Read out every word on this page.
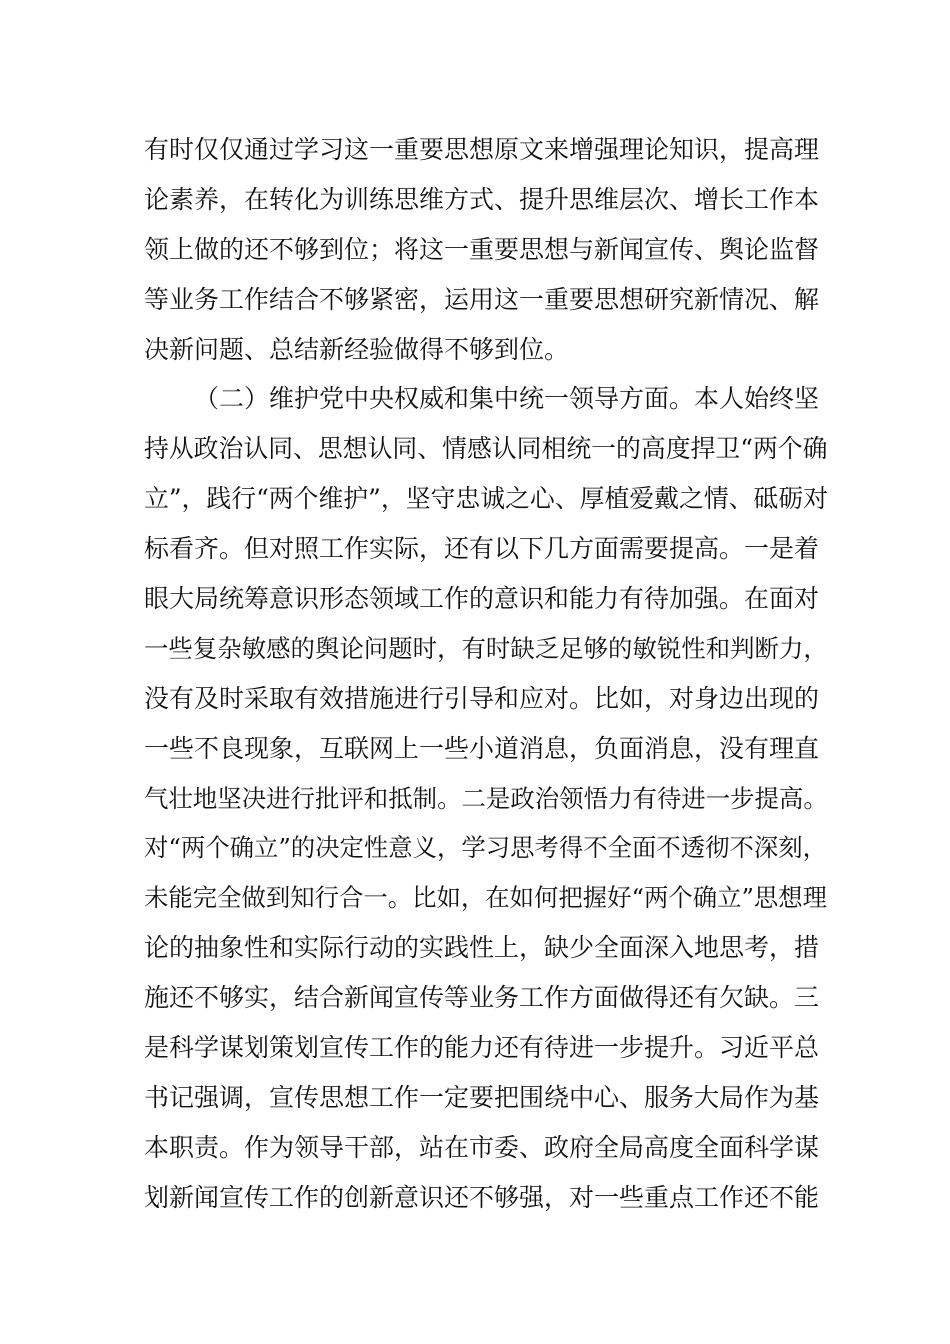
有时仅仅通过学习这一重要思想原文来增强理论知识，提高理
论素养，在转化为训练思维方式、提升思维层次、增长工作本
领上做的还不够到位；将这一重要思想与新闻宣传、舆论监督
等业务工作结合不够紧密，运用这一重要思想研究新情况、解
决新问题、总结新经验做得不够到位。
（二）维护党中央权威和集中统一领导方面。本人始终坚
持从政治认同、思想认同、情感认同相统一的高度捍卫“两个确
立”，践行“两个维护”，坚守忠诚之心、厚植爱戴之情、砥砺对
标看齐。但对照工作实际，还有以下几方面需要提高。一是着
眼大局统筹意识形态领域工作的意识和能力有待加强。在面对
一些复杂敏感的舆论问题时，有时缺乏足够的敏锐性和判断力，
没有及时采取有效措施进行引导和应对。比如，对身边出现的
一些不良现象，互联网上一些小道消息，负面消息，没有理直
气壮地坚决进行批评和抵制。二是政治领悟力有待进一步提高。
对“两个确立”的决定性意义，学习思考得不全面不透彻不深刻，
未能完全做到知行合一。比如，在如何把握好“两个确立”思想理
论的抽象性和实际行动的实践性上，缺少全面深入地思考，措
施还不够实，结合新闻宣传等业务工作方面做得还有欠缺。三
是科学谋划策划宣传工作的能力还有待进一步提升。习近平总
书记强调，宣传思想工作一定要把围绕中心、服务大局作为基
本职责。作为领导干部，站在市委、政府全局高度全面科学谋
划新闻宣传工作的创新意识还不够强，对一些重点工作还不能
